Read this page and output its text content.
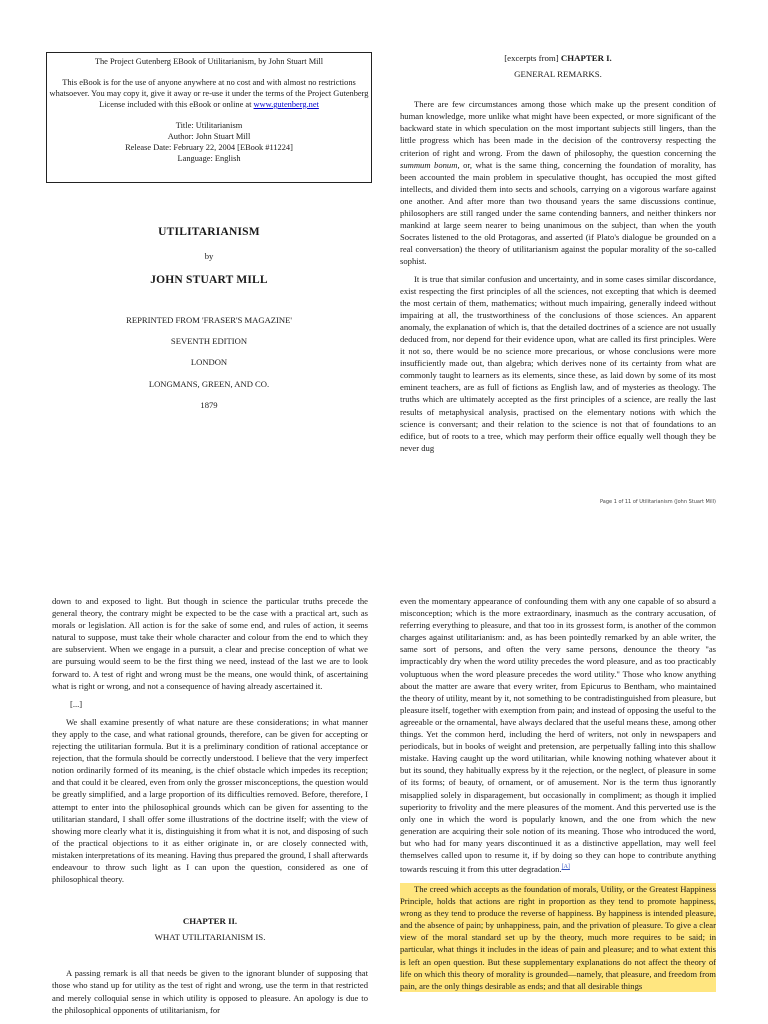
The Project Gutenberg EBook of Utilitarianism, by John Stuart Mill
This eBook is for the use of anyone anywhere at no cost and with almost no restrictions whatsoever. You may copy it, give it away or re-use it under the terms of the Project Gutenberg License included with this eBook or online at www.gutenberg.net
Title: Utilitarianism
Author: John Stuart Mill
Release Date: February 22, 2004 [EBook #11224]
Language: English
UTILITARIANISM
by
JOHN STUART MILL
REPRINTED FROM 'FRASER'S MAGAZINE'
SEVENTH EDITION
LONDON
LONGMANS, GREEN, AND CO.
1879
[excerpts from] CHAPTER I.
GENERAL REMARKS.

There are few circumstances among those which make up the present condition of human knowledge, more unlike what might have been expected, or more significant of the backward state in which speculation on the most important subjects still lingers, than the little progress which has been made in the decision of the controversy respecting the criterion of right and wrong. From the dawn of philosophy, the question concerning the summum bonum, or, what is the same thing, concerning the foundation of morality, has been accounted the main problem in speculative thought, has occupied the most gifted intellects, and divided them into sects and schools, carrying on a vigorous warfare against one another. And after more than two thousand years the same discussions continue, philosophers are still ranged under the same contending banners, and neither thinkers nor mankind at large seem nearer to being unanimous on the subject, than when the youth Socrates listened to the old Protagoras, and asserted (if Plato's dialogue be grounded on a real conversation) the theory of utilitarianism against the popular morality of the so-called sophist.

It is true that similar confusion and uncertainty, and in some cases similar discordance, exist respecting the first principles of all the sciences, not excepting that which is deemed the most certain of them, mathematics; without much impairing, generally indeed without impairing at all, the trustworthiness of the conclusions of those sciences. An apparent anomaly, the explanation of which is, that the detailed doctrines of a science are not usually deduced from, nor depend for their evidence upon, what are called its first principles. Were it not so, there would be no science more precarious, or whose conclusions were more insufficiently made out, than algebra; which derives none of its certainty from what are commonly taught to learners as its elements, since these, as laid down by some of its most eminent teachers, are as full of fictions as English law, and of mysteries as theology. The truths which are ultimately accepted as the first principles of a science, are really the last results of metaphysical analysis, practised on the elementary notions with which the science is conversant; and their relation to the science is not that of foundations to an edifice, but of roots to a tree, which may perform their office equally well though they be never dug

Page 1 of 11 of Utilitarianism (John Stuart Mill)

down to and exposed to light. But though in science the particular truths precede the general theory, the contrary might be expected to be the case with a practical art, such as morals or legislation. All action is for the sake of some end, and rules of action, it seems natural to suppose, must take their whole character and colour from the end to which they are subservient. When we engage in a pursuit, a clear and precise conception of what we are pursuing would seem to be the first thing we need, instead of the last we are to look forward to. A test of right and wrong must be the means, one would think, of ascertaining what is right or wrong, and not a consequence of having already ascertained it.

[...]

We shall examine presently of what nature are these considerations; in what manner they apply to the case, and what rational grounds, therefore, can be given for accepting or rejecting the utilitarian formula. But it is a preliminary condition of rational acceptance or rejection, that the formula should be correctly understood. I believe that the very imperfect notion ordinarily formed of its meaning, is the chief obstacle which impedes its reception; and that could it be cleared, even from only the grosser misconceptions, the question would be greatly simplified, and a large proportion of its difficulties removed. Before, therefore, I attempt to enter into the philosophical grounds which can be given for assenting to the utilitarian standard, I shall offer some illustrations of the doctrine itself; with the view of showing more clearly what it is, distinguishing it from what it is not, and disposing of such of the practical objections to it as either originate in, or are closely connected with, mistaken interpretations of its meaning. Having thus prepared the ground, I shall afterwards endeavour to throw such light as I can upon the question, considered as one of philosophical theory.

CHAPTER II.
WHAT UTILITARIANISM IS.

A passing remark is all that needs be given to the ignorant blunder of supposing that those who stand up for utility as the test of right and wrong, use the term in that restricted and merely colloquial sense in which utility is opposed to pleasure. An apology is due to the philosophical opponents of utilitarianism, for

even the momentary appearance of confounding them with any one capable of so absurd a misconception; which is the more extraordinary, inasmuch as the contrary accusation, of referring everything to pleasure, and that too in its grossest form, is another of the common charges against utilitarianism: and, as has been pointedly remarked by an able writer, the same sort of persons, and often the very same persons, denounce the theory "as impracticably dry when the word utility precedes the word pleasure, and as too practicably voluptuous when the word pleasure precedes the word utility." Those who know anything about the matter are aware that every writer, from Epicurus to Bentham, who maintained the theory of utility, meant by it, not something to be contradistinguished from pleasure, but pleasure itself, together with exemption from pain; and instead of opposing the useful to the agreeable or the ornamental, have always declared that the useful means these, among other things. Yet the common herd, including the herd of writers, not only in newspapers and periodicals, but in books of weight and pretension, are perpetually falling into this shallow mistake. Having caught up the word utilitarian, while knowing nothing whatever about it but its sound, they habitually express by it the rejection, or the neglect, of pleasure in some of its forms; of beauty, of ornament, or of amusement. Nor is the term thus ignorantly misapplied solely in disparagement, but occasionally in compliment; as though it implied superiority to frivolity and the mere pleasures of the moment. And this perverted use is the only one in which the word is popularly known, and the one from which the new generation are acquiring their sole notion of its meaning. Those who introduced the word, but who had for many years discontinued it as a distinctive appellation, may well feel themselves called upon to resume it, if by doing so they can hope to contribute anything towards rescuing it from this utter degradation.[A]

The creed which accepts as the foundation of morals, Utility, or the Greatest Happiness Principle, holds that actions are right in proportion as they tend to promote happiness, wrong as they tend to produce the reverse of happiness. By happiness is intended pleasure, and the absence of pain; by unhappiness, pain, and the privation of pleasure. To give a clear view of the moral standard set up by the theory, much more requires to be said; in particular, what things it includes in the ideas of pain and pleasure; and to what extent this is left an open question. But these supplementary explanations do not affect the theory of life on which this theory of morality is grounded—namely, that pleasure, and freedom from pain, are the only things desirable as ends; and that all desirable things
